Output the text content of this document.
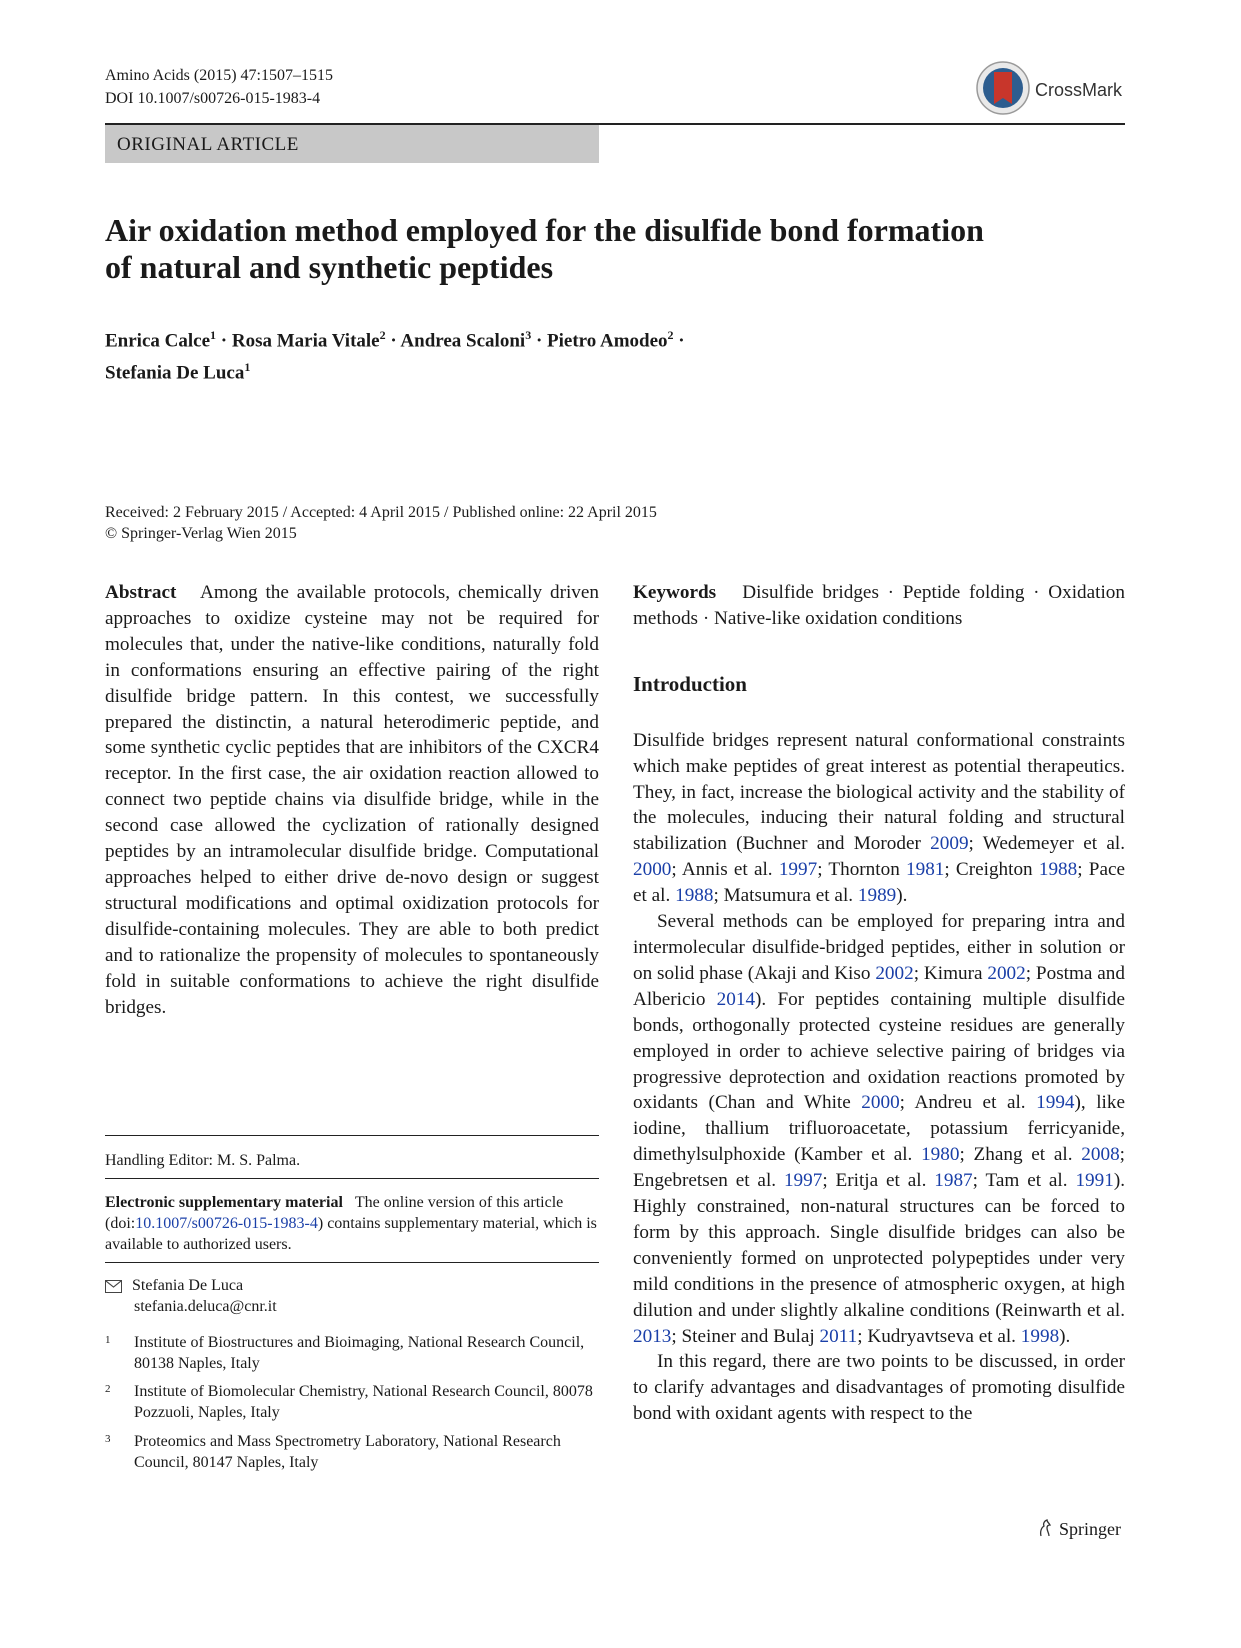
Amino Acids (2015) 47:1507–1515
DOI 10.1007/s00726-015-1983-4	CrossMark
ORIGINAL ARTICLE
Air oxidation method employed for the disulfide bond formation
of natural and synthetic peptides
Enrica Calce$^1$ · Rosa Maria Vitale$^2$ · Andrea Scaloni$^3$ · Pietro Amodeo$^2$ ·
Stefania De Luca$^1$
Received: 2 February 2015 / Accepted: 4 April 2015 / Published online: 22 April 2015
© Springer-Verlag Wien 2015

Abstract Among the available protocols, chemically driven approaches to oxidize cysteine may not be required for molecules that, under the native-like conditions, naturally fold in conformations ensuring an effective pairing of the right disulfide bridge pattern. In this contest, we successfully prepared the distinctin, a natural heterodimeric peptide, and some synthetic cyclic peptides that are inhibitors of the CXCR4 receptor. In the first case, the air oxidation reaction allowed to connect two peptide chains via disulfide bridge, while in the second case allowed the cyclization of rationally designed peptides by an intramolecular disulfide bridge. Computational approaches helped to either drive de-novo design or suggest structural modifications and optimal oxidization protocols for disulfide-containing molecules. They are able to both predict and to rationalize the propensity of molecules to spontaneously fold in suitable conformations to achieve the right disulfide bridges.

Keywords Disulfide bridges · Peptide folding · Oxidation methods · Native-like oxidation conditions

Introduction

Disulfide bridges represent natural conformational constraints which make peptides of great interest as potential therapeutics. They, in fact, increase the biological activity and the stability of the molecules, inducing their natural folding and structural stabilization (Buchner and Moroder 2009; Wedemeyer et al. 2000; Annis et al. 1997; Thornton 1981; Creighton 1988; Pace et al. 1988; Matsumura et al. 1989).

Several methods can be employed for preparing intra and intermolecular disulfide-bridged peptides, either in solution or on solid phase (Akaji and Kiso 2002; Kimura 2002; Postma and Albericio 2014). For peptides containing multiple disulfide bonds, orthogonally protected cysteine residues are generally employed in order to achieve selective pairing of bridges via progressive deprotection and oxidation reactions promoted by oxidants (Chan and White 2000; Andreu et al. 1994), like iodine, thallium trifluoroacetate, potassium ferricyanide, dimethylsulphoxide (Kamber et al. 1980; Zhang et al. 2008; Engebretsen et al. 1997; Eritja et al. 1987; Tam et al. 1991). Highly constrained, non-natural structures can be forced to form by this approach. Single disulfide bridges can also be conveniently formed on unprotected polypeptides under very mild conditions in the presence of atmospheric oxygen, at high dilution and under slightly alkaline conditions (Reinwarth et al. 2013; Steiner and Bulaj 2011; Kudryavtseva et al. 1998).

In this regard, there are two points to be discussed, in order to clarify advantages and disadvantages of promoting disulfide bond with oxidant agents with respect to the

Handling Editor: M. S. Palma.
Electronic supplementary material The online version of this article (doi:10.1007/s00726-015-1983-4) contains supplementary material, which is available to authorized users.
Stefania De Luca
stefania.deluca@cnr.it
1 Institute of Biostructures and Bioimaging, National Research Council, 80138 Naples, Italy
2 Institute of Biomolecular Chemistry, National Research Council, 80078 Pozzuoli, Naples, Italy
3 Proteomics and Mass Spectrometry Laboratory, National Research Council, 80147 Naples, Italy
Springer
